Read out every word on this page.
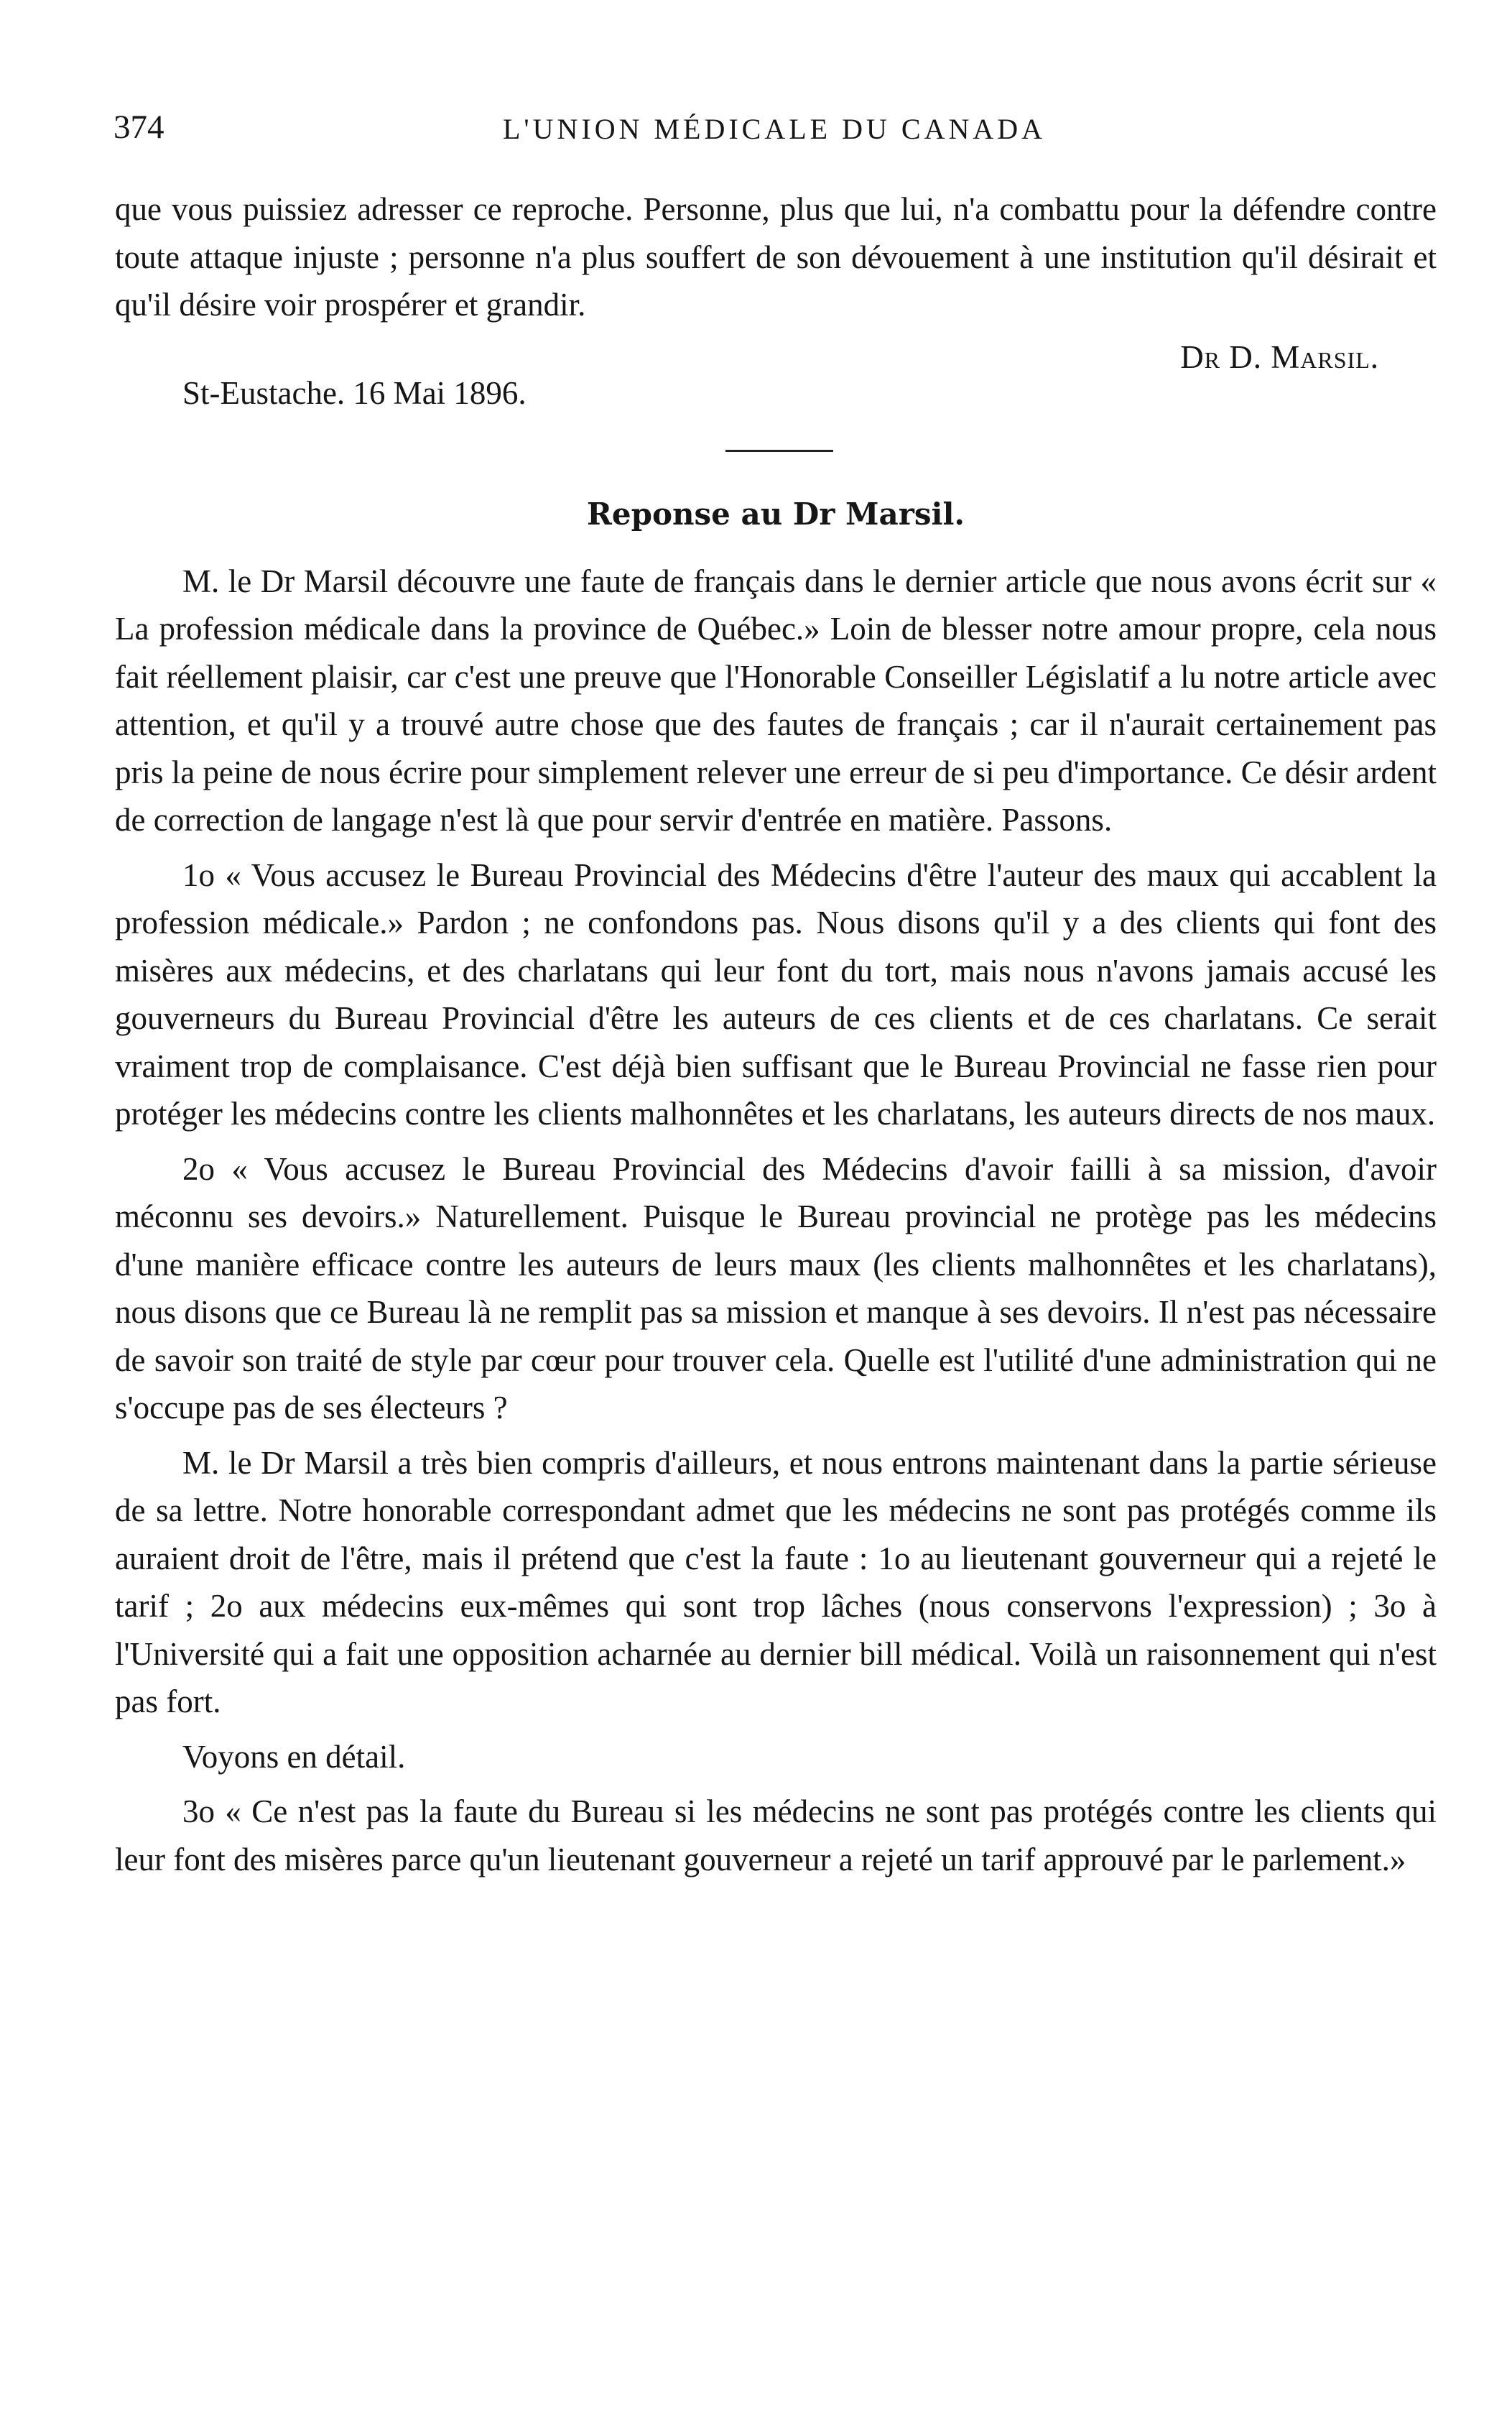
374	L'UNION MÉDICALE DU CANADA

que vous puissiez adresser ce reproche. Personne, plus que lui, n'a combattu pour la défendre contre toute attaque injuste ; personne n'a plus souffert de son dévouement à une institution qu'il désirait et qu'il désire voir prospérer et grandir.

Dr D. Marsil.
St-Eustache. 16 Mai 1896.
Reponse au Dr Marsil.

M. le Dr Marsil découvre une faute de français dans le dernier article que nous avons écrit sur « La profession médicale dans la province de Québec.» Loin de blesser notre amour propre, cela nous fait réellement plaisir, car c'est une preuve que l'Honorable Conseiller Législatif a lu notre article avec attention, et qu'il y a trouvé autre chose que des fautes de français ; car il n'aurait certainement pas pris la peine de nous écrire pour simplement relever une erreur de si peu d'importance. Ce désir ardent de correction de langage n'est là que pour servir d'entrée en matière. Passons.

1o « Vous accusez le Bureau Provincial des Médecins d'être l'auteur des maux qui accablent la profession médicale.» Pardon ; ne confondons pas. Nous disons qu'il y a des clients qui font des misères aux médecins, et des charlatans qui leur font du tort, mais nous n'avons jamais accusé les gouverneurs du Bureau Provincial d'être les auteurs de ces clients et de ces charlatans. Ce serait vraiment trop de complaisance. C'est déjà bien suffisant que le Bureau Provincial ne fasse rien pour protéger les médecins contre les clients malhonnêtes et les charlatans, les auteurs directs de nos maux.

2o « Vous accusez le Bureau Provincial des Médecins d'avoir failli à sa mission, d'avoir méconnu ses devoirs.» Naturellement. Puisque le Bureau provincial ne protège pas les médecins d'une manière efficace contre les auteurs de leurs maux (les clients malhonnêtes et les charlatans), nous disons que ce Bureau là ne remplit pas sa mission et manque à ses devoirs. Il n'est pas nécessaire de savoir son traité de style par cœur pour trouver cela. Quelle est l'utilité d'une administration qui ne s'occupe pas de ses électeurs ?

M. le Dr Marsil a très bien compris d'ailleurs, et nous entrons maintenant dans la partie sérieuse de sa lettre. Notre honorable correspondant admet que les médecins ne sont pas protégés comme ils auraient droit de l'être, mais il prétend que c'est la faute : 1o au lieutenant gouverneur qui a rejeté le tarif ; 2o aux médecins eux-mêmes qui sont trop lâches (nous conservons l'expression) ; 3o à l'Université qui a fait une opposition acharnée au dernier bill médical. Voilà un raisonnement qui n'est pas fort.

Voyons en détail.

3o « Ce n'est pas la faute du Bureau si les médecins ne sont pas protégés contre les clients qui leur font des misères parce qu'un lieutenant gouverneur a rejeté un tarif approuvé par le parlement.»
